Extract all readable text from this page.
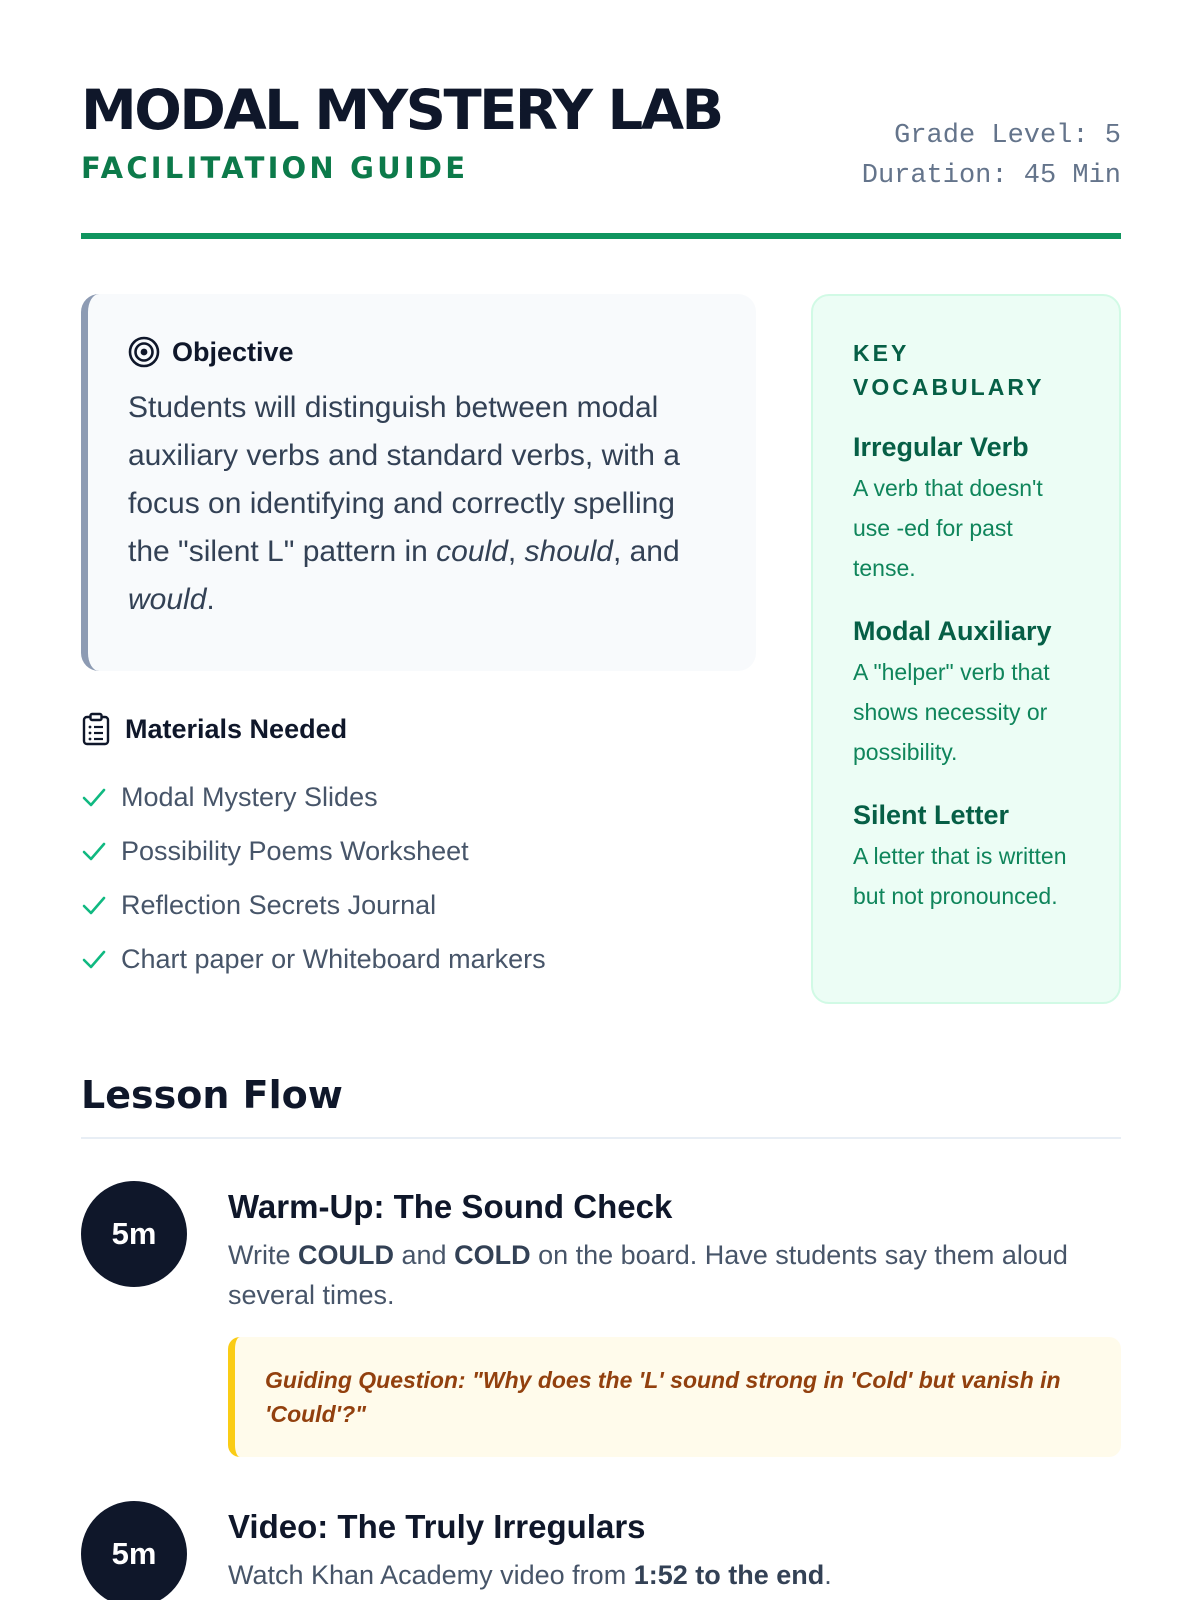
MODAL MYSTERY LAB
FACILITATION GUIDE
Grade Level: 5
Duration: 45 Min
Objective

Students will distinguish between modal auxiliary verbs and standard verbs, with a focus on identifying and correctly spelling the "silent L" pattern in could, should, and would.

Materials Needed
Modal Mystery Slides
Possibility Poems Worksheet
Reflection Secrets Journal
Chart paper or Whiteboard markers
KEY VOCABULARY
Irregular Verb
A verb that doesn't use -ed for past tense.
Modal Auxiliary
A "helper" verb that shows necessity or possibility.
Silent Letter
A letter that is written but not pronounced.
Lesson Flow
5m
Warm-Up: The Sound Check

Write COULD and COLD on the board. Have students say them aloud several times.

Guiding Question: "Why does the 'L' sound strong in 'Cold' but vanish in 'Could'?"
5m
Video: The Truly Irregulars

Watch Khan Academy video from 1:52 to the end.
